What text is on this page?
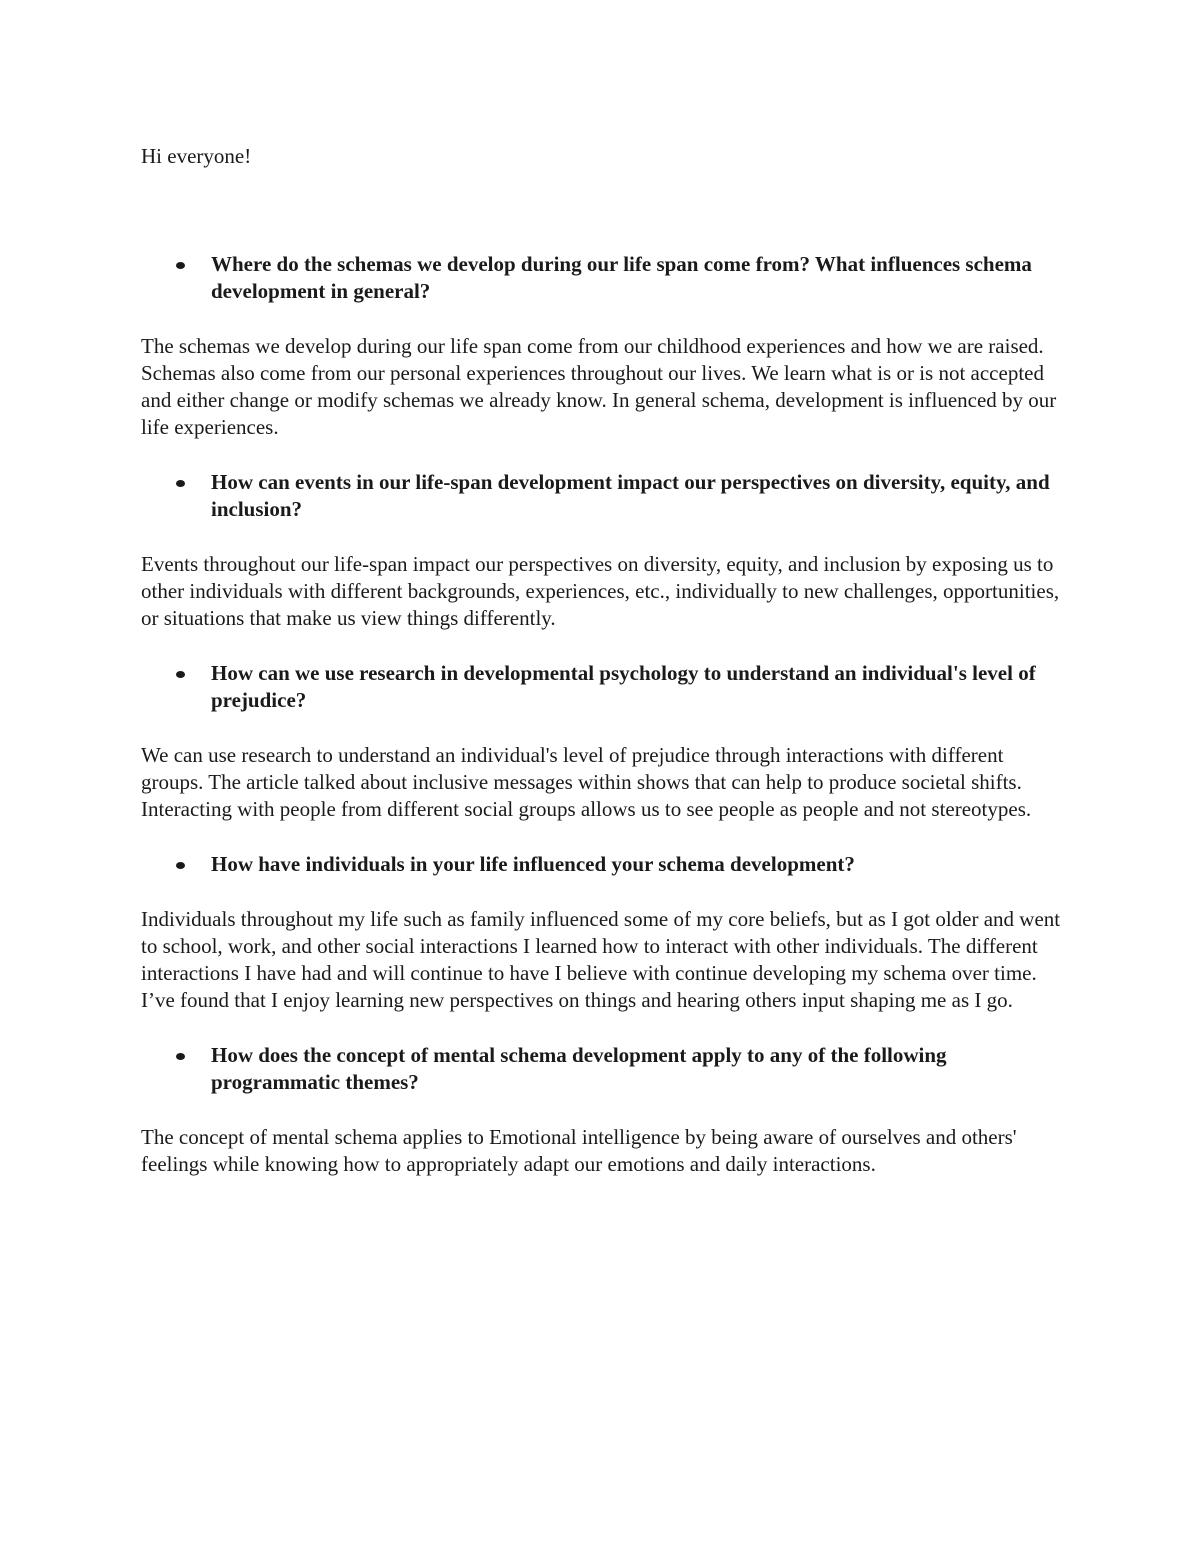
Hi everyone!

Where do the schemas we develop during our life span come from? What influences schema development in general?

The schemas we develop during our life span come from our childhood experiences and how we are raised. Schemas also come from our personal experiences throughout our lives. We learn what is or is not accepted and either change or modify schemas we already know. In general schema, development is influenced by our life experiences.

How can events in our life-span development impact our perspectives on diversity, equity, and inclusion?

Events throughout our life-span impact our perspectives on diversity, equity, and inclusion by exposing us to other individuals with different backgrounds, experiences, etc., individually to new challenges, opportunities, or situations that make us view things differently.

How can we use research in developmental psychology to understand an individual's level of prejudice?

We can use research to understand an individual's level of prejudice through interactions with different groups. The article talked about inclusive messages within shows that can help to produce societal shifts. Interacting with people from different social groups allows us to see people as people and not stereotypes.

How have individuals in your life influenced your schema development?

Individuals throughout my life such as family influenced some of my core beliefs, but as I got older and went to school, work, and other social interactions I learned how to interact with other individuals. The different interactions I have had and will continue to have I believe with continue developing my schema over time. I’ve found that I enjoy learning new perspectives on things and hearing others input shaping me as I go.

How does the concept of mental schema development apply to any of the following programmatic themes?

The concept of mental schema applies to Emotional intelligence by being aware of ourselves and others' feelings while knowing how to appropriately adapt our emotions and daily interactions.
